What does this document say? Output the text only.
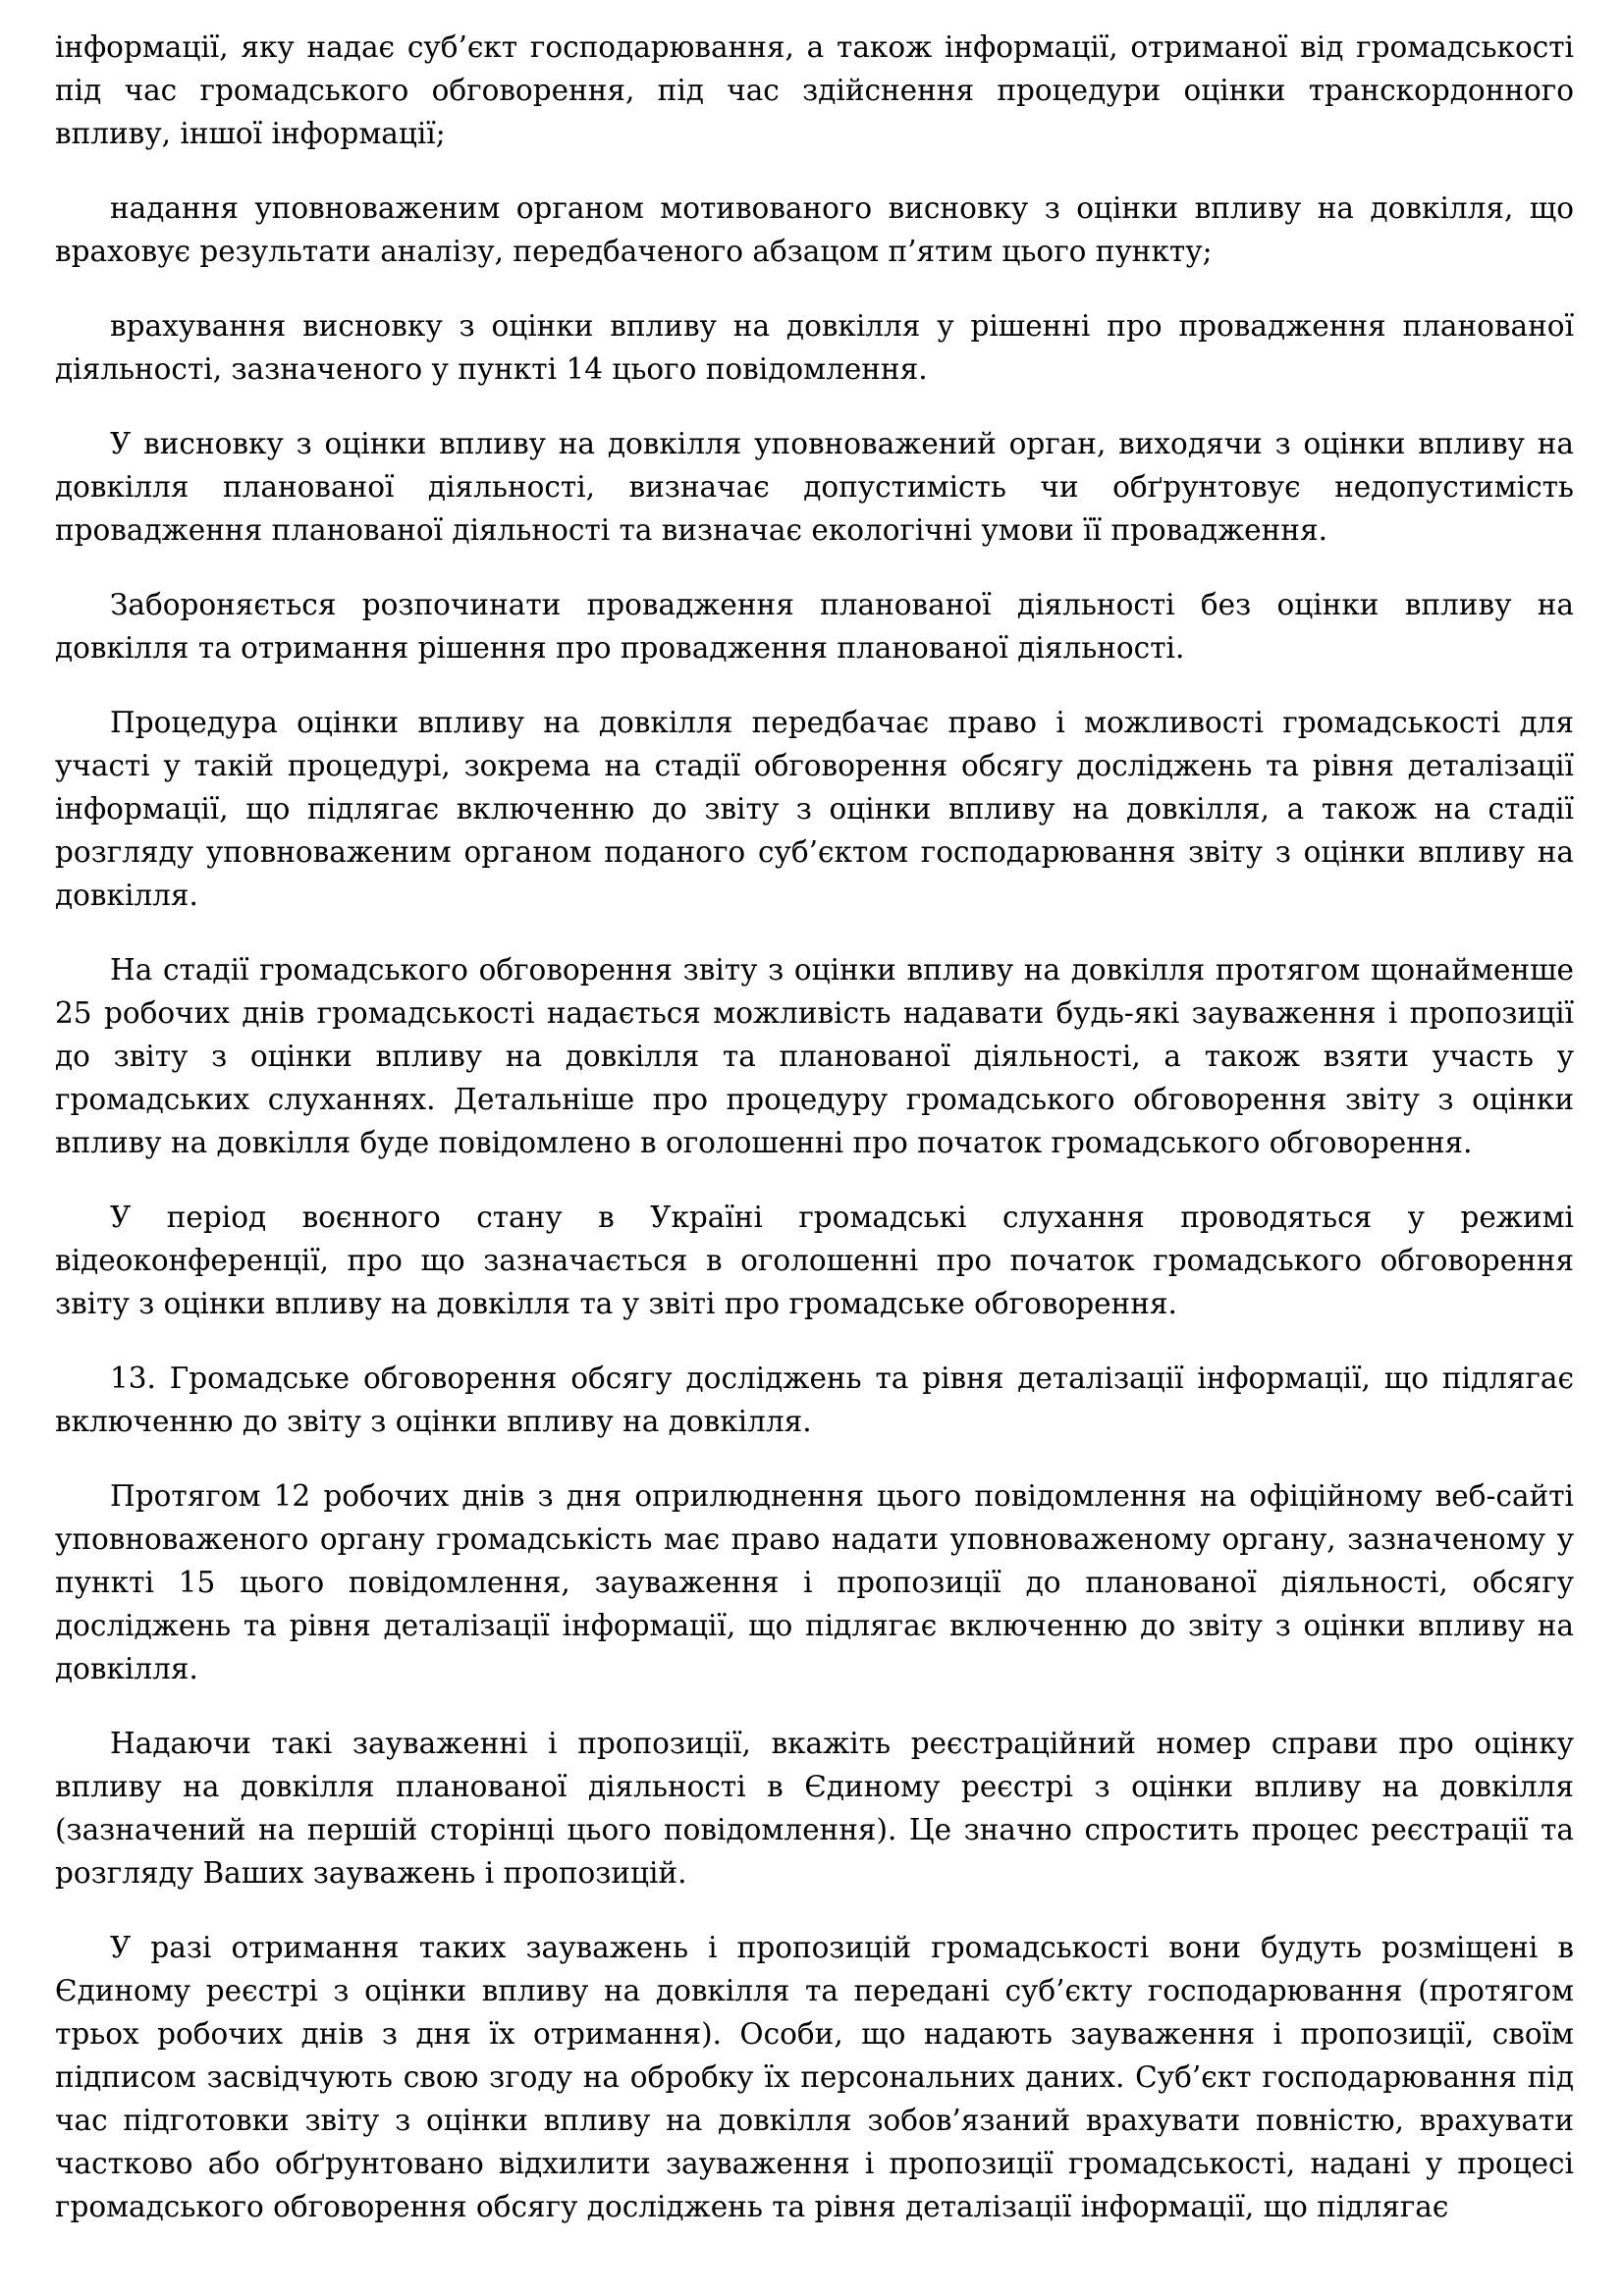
інформації, яку надає суб’єкт господарювання, а також інформації, отриманої від громадськості під час громадського обговорення, під час здійснення процедури оцінки транскордонного впливу, іншої інформації;

надання уповноваженим органом мотивованого висновку з оцінки впливу на довкілля, що враховує результати аналізу, передбаченого абзацом п’ятим цього пункту;

врахування висновку з оцінки впливу на довкілля у рішенні про провадження планованої діяльності, зазначеного у пункті 14 цього повідомлення.

У висновку з оцінки впливу на довкілля уповноважений орган, виходячи з оцінки впливу на довкілля планованої діяльності, визначає допустимість чи обґрунтовує недопустимість провадження планованої діяльності та визначає екологічні умови її провадження.

Забороняється розпочинати провадження планованої діяльності без оцінки впливу на довкілля та отримання рішення про провадження планованої діяльності.

Процедура оцінки впливу на довкілля передбачає право і можливості громадськості для участі у такій процедурі, зокрема на стадії обговорення обсягу досліджень та рівня деталізації інформації, що підлягає включенню до звіту з оцінки впливу на довкілля, а також на стадії розгляду уповноваженим органом поданого суб’єктом господарювання звіту з оцінки впливу на довкілля.

На стадії громадського обговорення звіту з оцінки впливу на довкілля протягом щонайменше 25 робочих днів громадськості надається можливість надавати будь-які зауваження і пропозиції до звіту з оцінки впливу на довкілля та планованої діяльності, а також взяти участь у громадських слуханнях. Детальніше про процедуру громадського обговорення звіту з оцінки впливу на довкілля буде повідомлено в оголошенні про початок громадського обговорення.

У період воєнного стану в Україні громадські слухання проводяться у режимі відеоконференції, про що зазначається в оголошенні про початок громадського обговорення звіту з оцінки впливу на довкілля та у звіті про громадське обговорення.

13. Громадське обговорення обсягу досліджень та рівня деталізації інформації, що підлягає включенню до звіту з оцінки впливу на довкілля.

Протягом 12 робочих днів з дня оприлюднення цього повідомлення на офіційному веб-сайті уповноваженого органу громадськість має право надати уповноваженому органу, зазначеному у пункті 15 цього повідомлення, зауваження і пропозиції до планованої діяльності, обсягу досліджень та рівня деталізації інформації, що підлягає включенню до звіту з оцінки впливу на довкілля.

Надаючи такі зауваженні і пропозиції, вкажіть реєстраційний номер справи про оцінку впливу на довкілля планованої діяльності в Єдиному реєстрі з оцінки впливу на довкілля (зазначений на першій сторінці цього повідомлення). Це значно спростить процес реєстрації та розгляду Ваших зауважень і пропозицій.

У разі отримання таких зауважень і пропозицій громадськості вони будуть розміщені в Єдиному реєстрі з оцінки впливу на довкілля та передані суб’єкту господарювання (протягом трьох робочих днів з дня їх отримання). Особи, що надають зауваження і пропозиції, своїм підписом засвідчують свою згоду на обробку їх персональних даних. Суб’єкт господарювання під час підготовки звіту з оцінки впливу на довкілля зобов’язаний врахувати повністю, врахувати частково або обґрунтовано відхилити зауваження і пропозиції громадськості, надані у процесі громадського обговорення обсягу досліджень та рівня деталізації інформації, що підлягає
